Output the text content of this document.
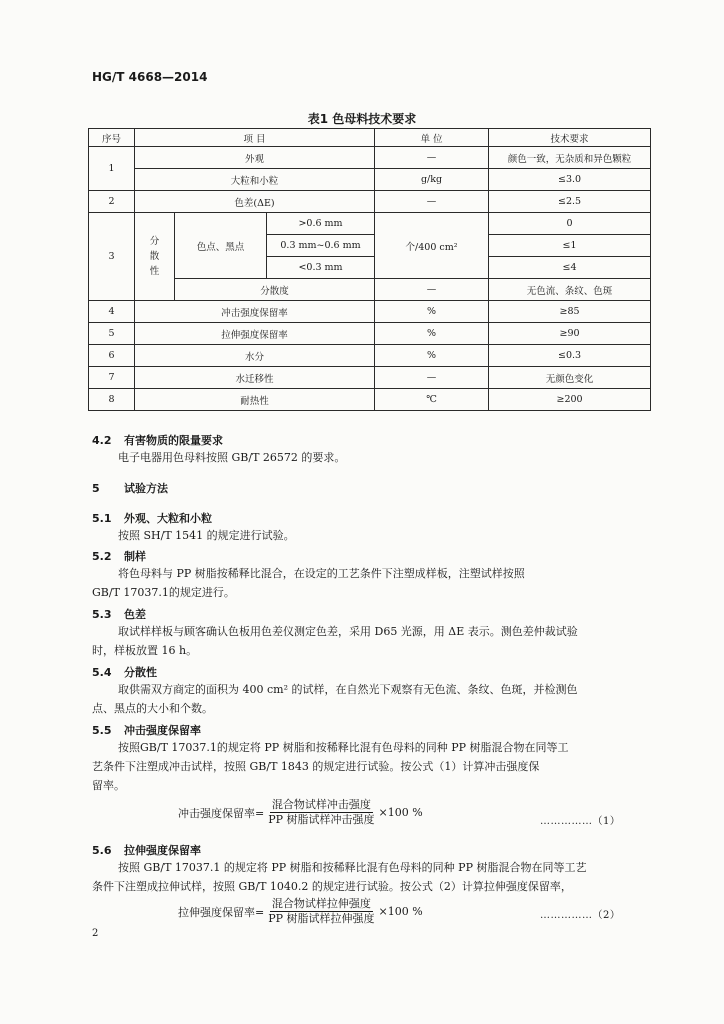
HG/T 4668—2014
表1 色母料技术要求
序号	项 目			单 位	技术要求
1	外观			—	颜色一致，无杂质和异色颗粒
	大粒和小粒			g/kg	≤3.0
2	色差(ΔE)			—	≤2.5
3	分散性	色点、黑点	>0.6 mm	个/400 cm²	0
			0.3 mm~0.6 mm		≤1
			<0.3 mm		≤4
		分散度		—	无色流、条纹、色斑
4	冲击强度保留率			%	≥85
5	拉伸强度保留率			%	≥90
6	水分			%	≤0.3
7	水迁移性			—	无颜色变化
8	耐热性			℃	≥200
4.2 有害物质的限量要求
电子电器用色母料按照 GB/T 26572 的要求。
5 试验方法
5.1 外观、大粒和小粒
按照 SH/T 1541 的规定进行试验。
5.2 制样
将色母料与 PP 树脂按稀释比混合，在设定的工艺条件下注塑成样板，注塑试样按照
GB/T 17037.1的规定进行。
5.3 色差
取试样样板与顾客确认色板用色差仪测定色差，采用 D65 光源，用 ΔE 表示。测色差仲裁试验
时，样板放置 16 h。
5.4 分散性
取供需双方商定的面积为 400 cm² 的试样，在自然光下观察有无色流、条纹、色斑，并检测色
点、黑点的大小和个数。
5.5 冲击强度保留率
按照GB/T 17037.1的规定将 PP 树脂和按稀释比混有色母料的同种 PP 树脂混合物在同等工
艺条件下注塑成冲击试样，按照 GB/T 1843 的规定进行试验。按公式（1）计算冲击强度保
留率。
冲击强度保留率= $\frac{\text{混合物试样冲击强度}}{\text{PP 树脂试样冲击强度}} \times 100$ %
……………（1）
5.6 拉伸强度保留率
按照 GB/T 17037.1 的规定将 PP 树脂和按稀释比混有色母料的同种 PP 树脂混合物在同等工艺
条件下注塑成拉伸试样，按照 GB/T 1040.2 的规定进行试验。按公式（2）计算拉伸强度保留率，
拉伸强度保留率= $\frac{\text{混合物试样拉伸强度}}{\text{PP 树脂试样拉伸强度}} \times 100$ %	……………（2）
2
